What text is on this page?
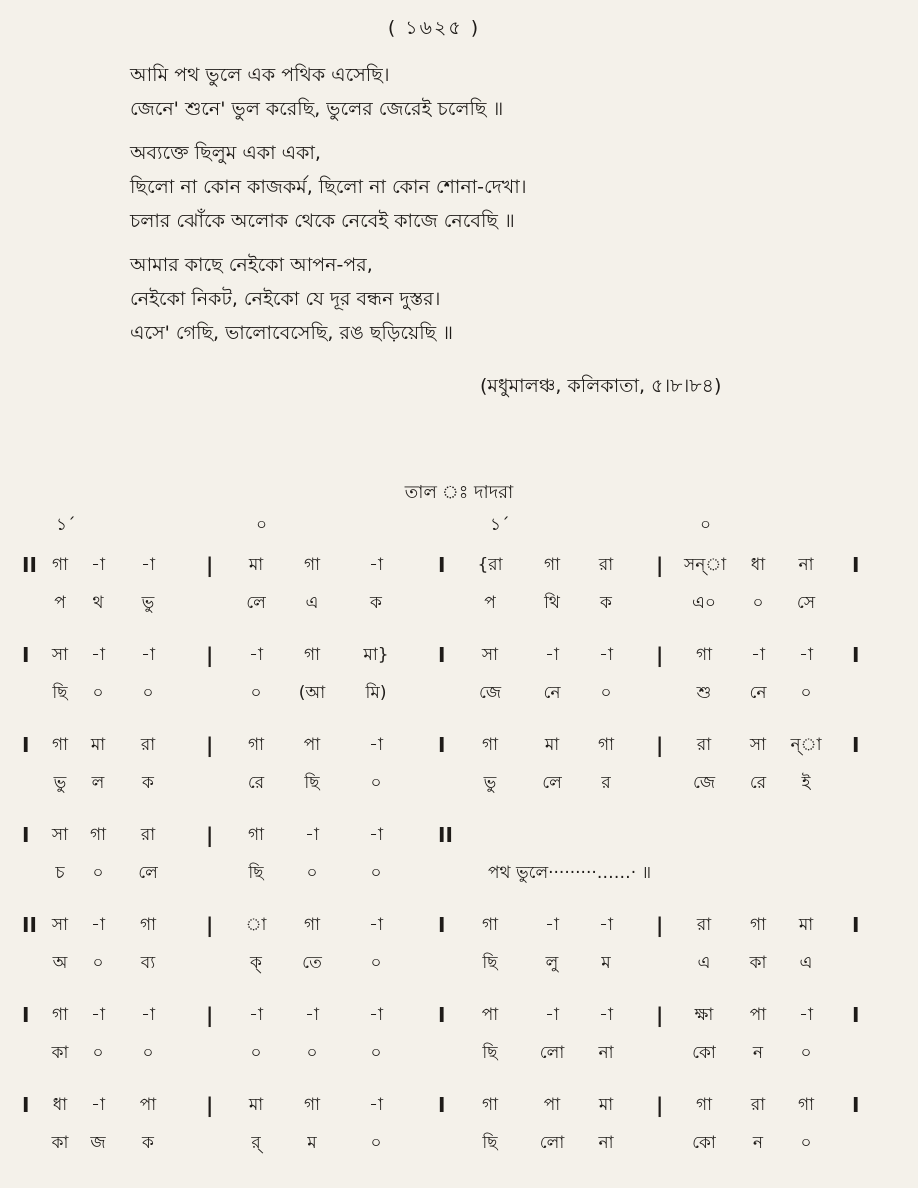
( ১৬২৫ )
আমি পথ ভুলে এক পথিক এসেছি।
জেনে' শুনে' ভুল করেছি, ভুলের জেরেই চলেছি ॥
অব্যক্তে ছিলুম একা একা,
ছিলো না কোন কাজকর্ম, ছিলো না কোন শোনা-দেখা।
চলার ঝোঁকে অলোক থেকে নেবেই কাজে নেবেছি ॥
আমার কাছে নেইকো আপন-পর,
নেইকো নিকট, নেইকো যে দূর বন্ধন দুস্তর।
এসে' গেছি, ভালোবেসেছি, রঙ ছড়িয়েছি ॥
(মধুমালঞ্চ, কলিকাতা, ৫।৮।৮৪)
তাল ঃ দাদরা
১´	০	১´	০
II	|	I	|	I
গা	-া	-া	মা	গা	-া	{রা	গা	রা	সন্া	ধা	না
প	থ	ভু	লে	এ	ক	প	থি	ক	এ০	০	সে
I	|	I	|	I
সা	-া	-া	-া	গা	মা}	সা	-া	-া	গা	-া	-া
ছি	০	০	০	(আ	মি)	জে	নে	০	শু	নে	০
I	|	I	|	I
গা	মা	রা	গা	পা	-া	গা	মা	গা	রা	সা	ন্া
ভু	ল	ক	রে	ছি	০	ভু	লে	র	জে	রে	ই
I	|	II
সা	গা	রা	গা	-া	-া
চ	০	লে	ছি	০	০	পথ ভুলে·········……· ॥
II	|	I	|	I
সা	-া	গা	া	গা	-া	গা	-া	-া	রা	গা	মা
অ	০	ব্য	ক্	তে	০	ছি	লু	ম	এ	কা	এ
I	|	I	|	I
গা	-া	-া	-া	-া	-া	পা	-া	-া	ক্ষা	পা	-া
কা	০	০	০	০	০	ছি	লো	না	কো	ন	০
I	|	I	|	I
ধা	-া	পা	মা	গা	-া	গা	পা	মা	গা	রা	গা
কা	জ	ক	র্	ম	০	ছি	লো	না	কো	ন	০
